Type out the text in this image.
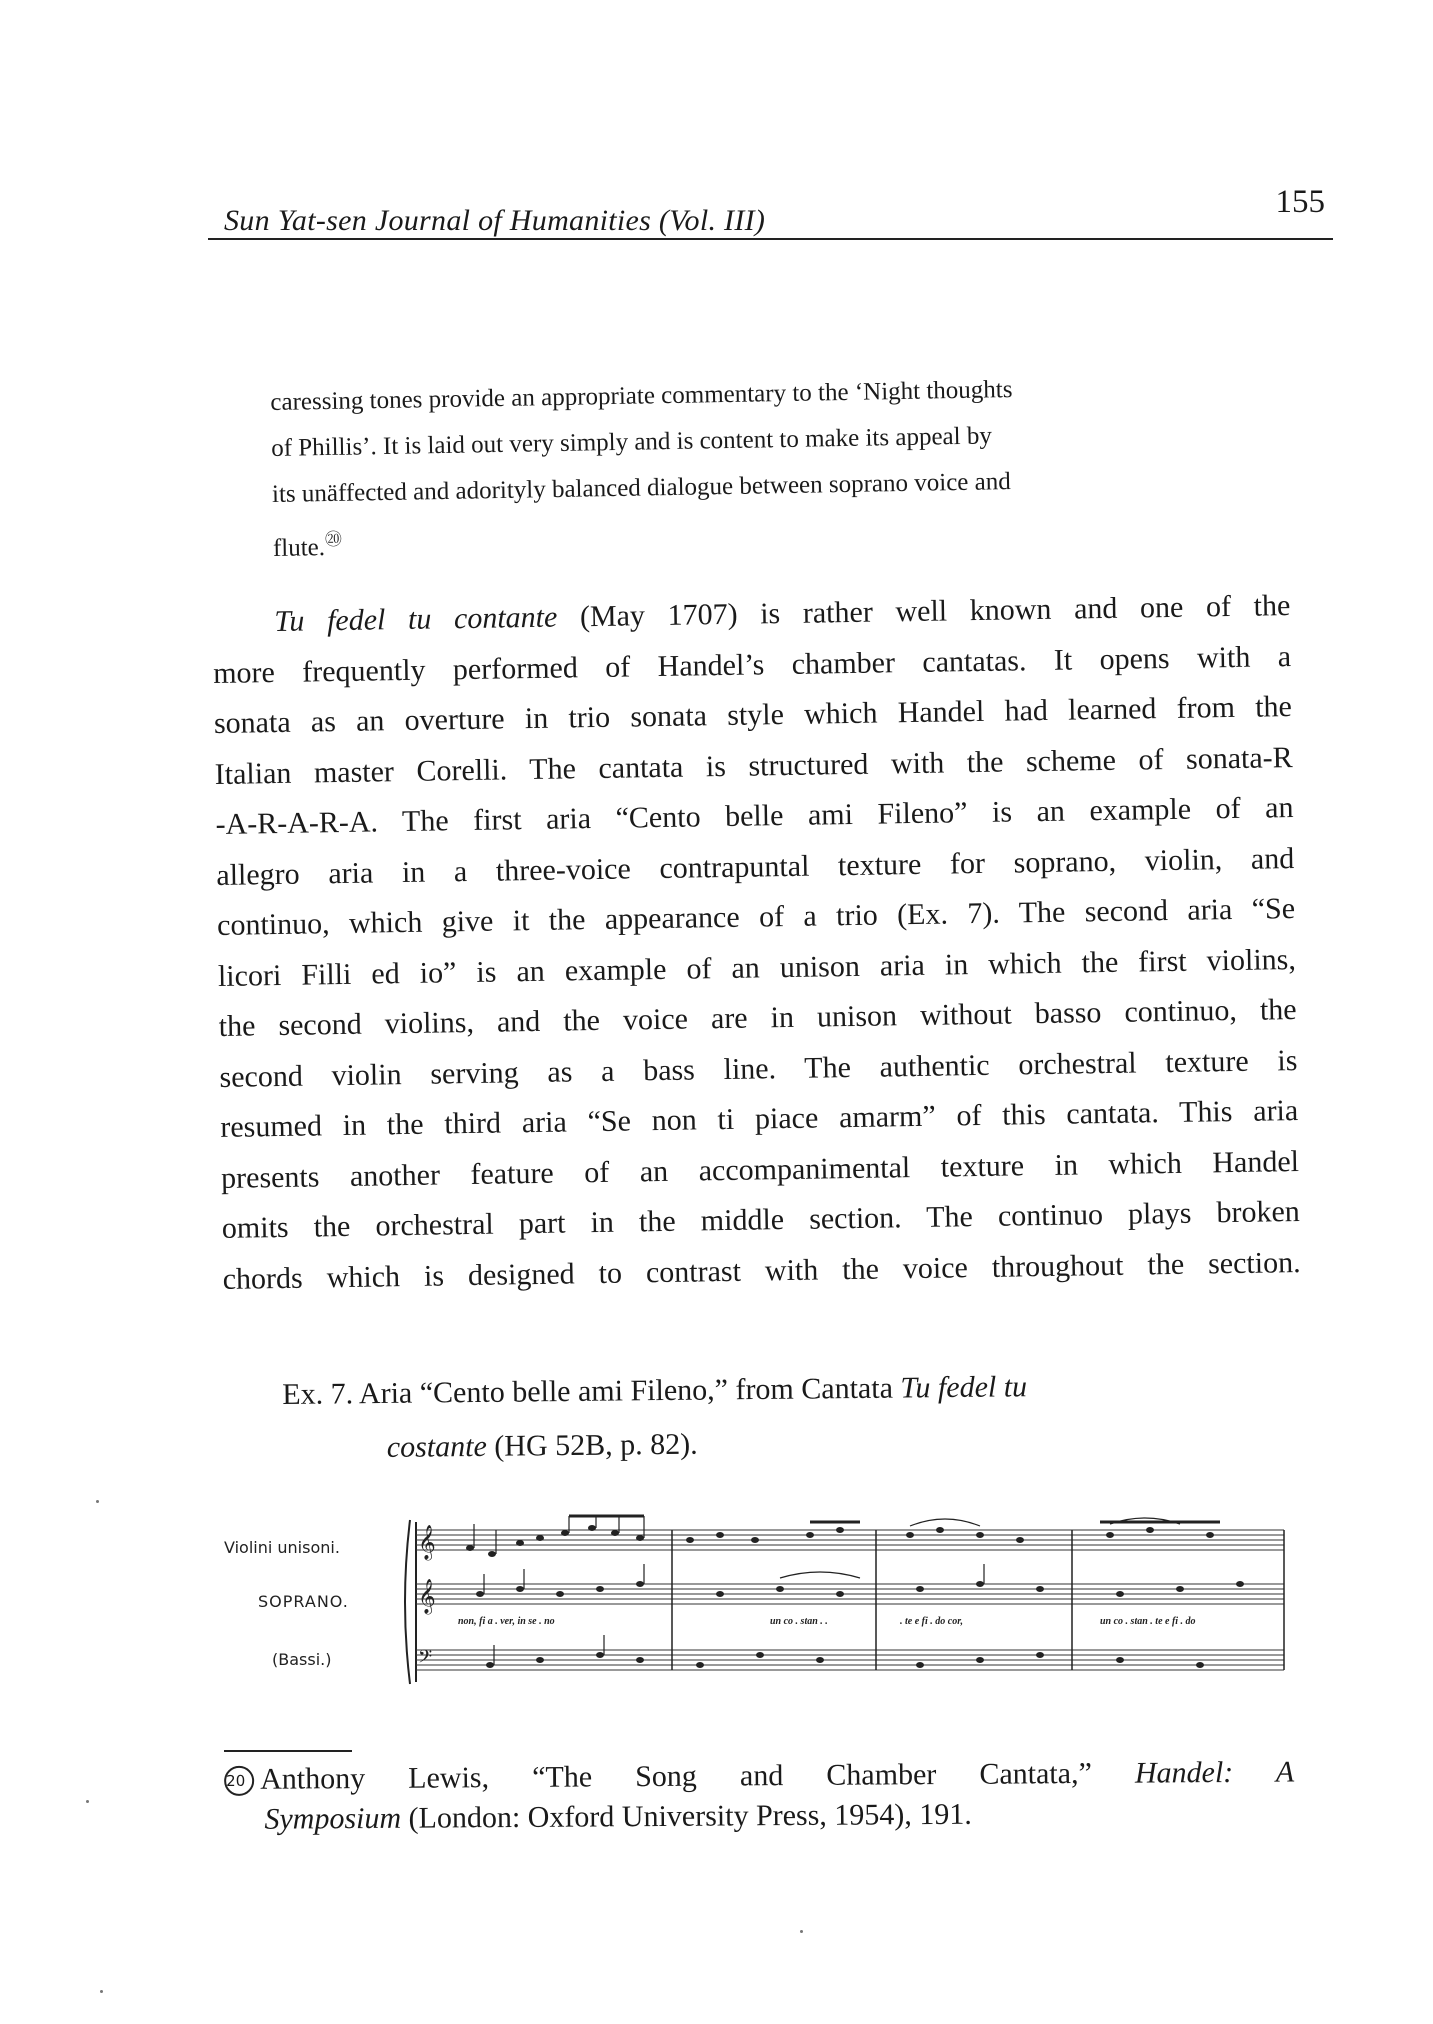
Sun Yat-sen Journal of Humanities (Vol. III)
155

caressing tones provide an appropriate commentary to the ‘Night thoughts
of Phillis’. It is laid out very simply and is content to make its appeal by
its unäffected and adorityly balanced dialogue between soprano voice and
flute.⑳

Tu fedel tu contante (May 1707) is rather well known and one of the
more frequently performed of Handel’s chamber cantatas. It opens with a
sonata as an overture in trio sonata style which Handel had learned from the
Italian master Corelli. The cantata is structured with the scheme of sonata-R
-A-R-A-R-A. The first aria “Cento belle ami Fileno” is an example of an
allegro aria in a three-voice contrapuntal texture for soprano, violin, and
continuo, which give it the appearance of a trio (Ex. 7). The second aria “Se
licori Filli ed io” is an example of an unison aria in which the first violins,
the second violins, and the voice are in unison without basso continuo, the
second violin serving as a bass line. The authentic orchestral texture is
resumed in the third aria “Se non ti piace amarm” of this cantata. This aria
presents another feature of an accompanimental texture in which Handel
omits the orchestral part in the middle section. The continuo plays broken
chords which is designed to contrast with the voice throughout the section.
Ex. 7. Aria “Cento belle ami Fileno,” from Cantata Tu fedel tu
costante (HG 52B, p. 82).
Violini unisoni.
SOPRANO.
(Bassi.)
𝄞
𝄞
𝄢
non, fi a . ver, in se . no	un co . stan . .	. te e fi . do cor,	un co . stan . te e fi . do
20 Anthony Lewis, “The Song and Chamber Cantata,” Handel: A
Symposium (London: Oxford University Press, 1954), 191.
